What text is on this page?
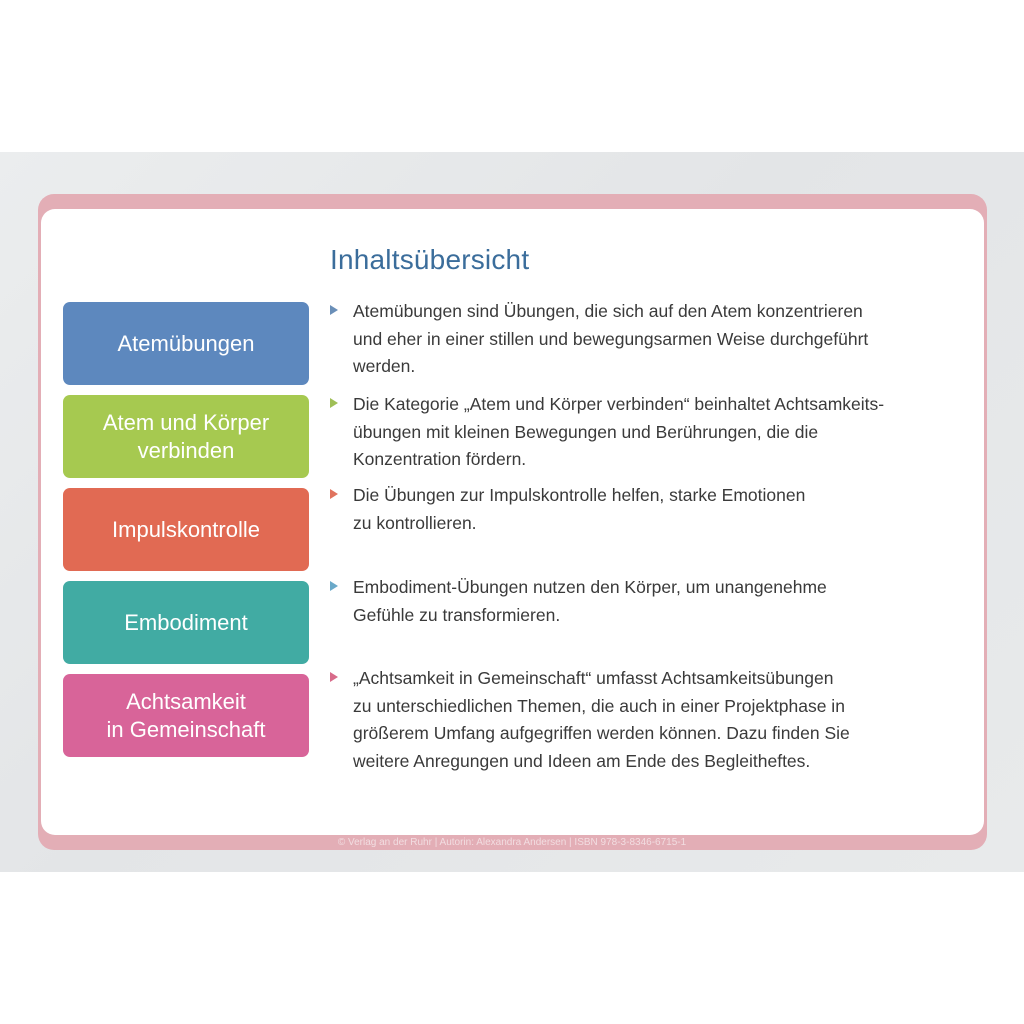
Inhaltsübersicht
Atemübungen
Atem und Körper
verbinden
Impulskontrolle
Embodiment
Achtsamkeit
in Gemeinschaft
Atemübungen sind Übungen, die sich auf den Atem konzentrieren
und eher in einer stillen und bewegungsarmen Weise durchgeführt
werden.
Die Kategorie „Atem und Körper verbinden“ beinhaltet Achtsamkeits-
übungen mit kleinen Bewegungen und Berührungen, die die
Konzentration fördern.
Die Übungen zur Impulskontrolle helfen, starke Emotionen
zu kontrollieren.
Embodiment-Übungen nutzen den Körper, um unangenehme
Gefühle zu transformieren.
„Achtsamkeit in Gemeinschaft“ umfasst Achtsamkeitsübungen
zu unterschiedlichen Themen, die auch in einer Projektphase in
größerem Umfang aufgegriffen werden können. Dazu finden Sie
weitere Anregungen und Ideen am Ende des Begleitheftes.
© Verlag an der Ruhr | Autorin: Alexandra Andersen | ISBN 978-3-8346-6715-1
